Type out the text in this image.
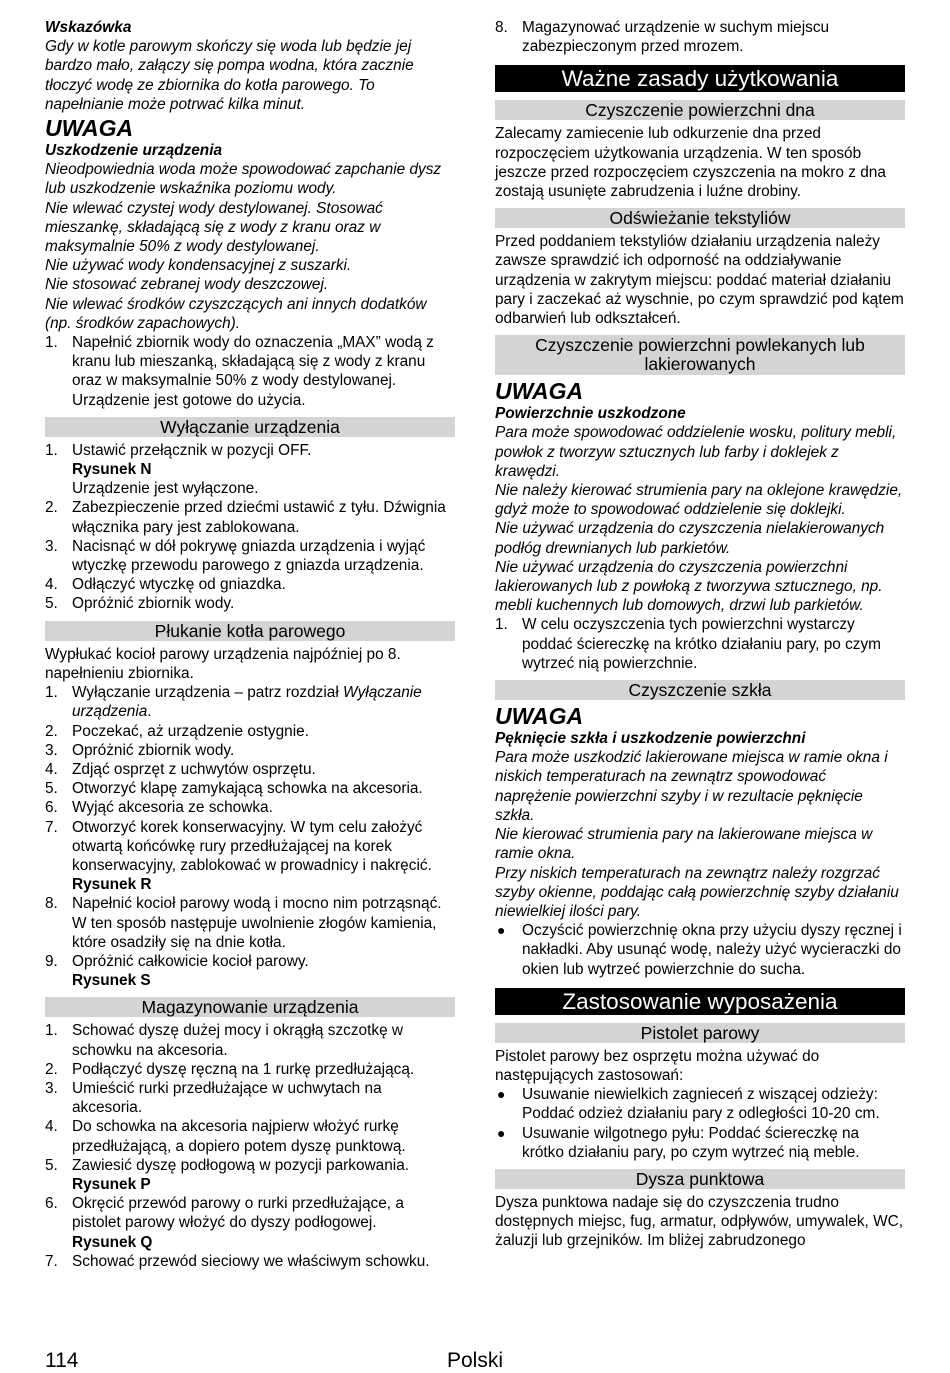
Wskazówka

Gdy w kotle parowym skończy się woda lub będzie jej bardzo mało, załączy się pompa wodna, która zacznie tłoczyć wodę ze zbiornika do kotła parowego. To napełnianie może potrwać kilka minut.

UWAGA

Uszkodzenie urządzenia

Nieodpowiednia woda może spowodować zapchanie dysz lub uszkodzenie wskaźnika poziomu wody.

Nie wlewać czystej wody destylowanej. Stosować mieszankę, składającą się z wody z kranu oraz w maksymalnie 50% z wody destylowanej.

Nie używać wody kondensacyjnej z suszarki.

Nie stosować zebranej wody deszczowej.

Nie wlewać środków czyszczących ani innych dodatków (np. środków zapachowych).

1. Napełnić zbiornik wody do oznaczenia „MAX” wodą z kranu lub mieszanką, składającą się z wody z kranu oraz w maksymalnie 50% z wody destylowanej. Urządzenie jest gotowe do użycia.
Wyłączanie urządzenia
1. Ustawić przełącznik w pozycji OFF.
Rysunek N
Urządzenie jest wyłączone.
2. Zabezpieczenie przed dziećmi ustawić z tyłu. Dźwignia włącznika pary jest zablokowana.
3. Nacisnąć w dół pokrywę gniazda urządzenia i wyjąć wtyczkę przewodu parowego z gniazda urządzenia.
4. Odłączyć wtyczkę od gniazdka.
5. Opróżnić zbiornik wody.
Płukanie kotła parowego

Wypłukać kocioł parowy urządzenia najpóźniej po 8. napełnieniu zbiornika.

1. Wyłączanie urządzenia – patrz rozdział Wyłączanie urządzenia.
2. Poczekać, aż urządzenie ostygnie.
3. Opróżnić zbiornik wody.
4. Zdjąć osprzęt z uchwytów osprzętu.
5. Otworzyć klapę zamykającą schowka na akcesoria.
6. Wyjąć akcesoria ze schowka.
7. Otworzyć korek konserwacyjny. W tym celu założyć otwartą końcówkę rury przedłużającej na korek konserwacyjny, zablokować w prowadnicy i nakręcić.
Rysunek R
8. Napełnić kocioł parowy wodą i mocno nim potrząsnąć. W ten sposób następuje uwolnienie złogów kamienia, które osadziły się na dnie kotła.
9. Opróżnić całkowicie kocioł parowy.
Rysunek S
Magazynowanie urządzenia
1. Schować dyszę dużej mocy i okrągłą szczotkę w schowku na akcesoria.
2. Podłączyć dyszę ręczną na 1 rurkę przedłużającą.
3. Umieścić rurki przedłużające w uchwytach na akcesoria.
4. Do schowka na akcesoria najpierw włożyć rurkę przedłużającą, a dopiero potem dyszę punktową.
5. Zawiesić dyszę podłogową w pozycji parkowania.
Rysunek P
6. Okręcić przewód parowy o rurki przedłużające, a pistolet parowy włożyć do dyszy podłogowej.
Rysunek Q
7. Schować przewód sieciowy we właściwym schowku.
8. Magazynować urządzenie w suchym miejscu zabezpieczonym przed mrozem.
Ważne zasady użytkowania
Czyszczenie powierzchni dna

Zalecamy zamiecenie lub odkurzenie dna przed rozpoczęciem użytkowania urządzenia. W ten sposób jeszcze przed rozpoczęciem czyszczenia na mokro z dna zostają usunięte zabrudzenia i luźne drobiny.

Odświeżanie tekstyliów

Przed poddaniem tekstyliów działaniu urządzenia należy zawsze sprawdzić ich odporność na oddziaływanie urządzenia w zakrytym miejscu: poddać materiał działaniu pary i zaczekać aż wyschnie, po czym sprawdzić pod kątem odbarwień lub odkształceń.

Czyszczenie powierzchni powlekanych lub lakierowanych

UWAGA

Powierzchnie uszkodzone

Para może spowodować oddzielenie wosku, politury mebli, powłok z tworzyw sztucznych lub farby i doklejek z krawędzi.

Nie należy kierować strumienia pary na oklejone krawędzie, gdyż może to spowodować oddzielenie się doklejki.

Nie używać urządzenia do czyszczenia nielakierowanych podłóg drewnianych lub parkietów.

Nie używać urządzenia do czyszczenia powierzchni lakierowanych lub z powłoką z tworzywa sztucznego, np. mebli kuchennych lub domowych, drzwi lub parkietów.

1. W celu oczyszczenia tych powierzchni wystarczy poddać ściereczkę na krótko działaniu pary, po czym wytrzeć nią powierzchnie.
Czyszczenie szkła

UWAGA

Pęknięcie szkła i uszkodzenie powierzchni

Para może uszkodzić lakierowane miejsca w ramie okna i niskich temperaturach na zewnątrz spowodować naprężenie powierzchni szyby i w rezultacie pęknięcie szkła.

Nie kierować strumienia pary na lakierowane miejsca w ramie okna.

Przy niskich temperaturach na zewnątrz należy rozgrzać szyby okienne, poddając całą powierzchnię szyby działaniu niewielkiej ilości pary.

● Oczyścić powierzchnię okna przy użyciu dyszy ręcznej i nakładki. Aby usunąć wodę, należy użyć wycieraczki do okien lub wytrzeć powierzchnie do sucha.
Zastosowanie wyposażenia
Pistolet parowy

Pistolet parowy bez osprzętu można używać do następujących zastosowań:

● Usuwanie niewielkich zagnieceń z wiszącej odzieży: Poddać odzież działaniu pary z odległości 10-20 cm.
● Usuwanie wilgotnego pyłu: Poddać ściereczkę na krótko działaniu pary, po czym wytrzeć nią meble.
Dysza punktowa

Dysza punktowa nadaje się do czyszczenia trudno dostępnych miejsc, fug, armatur, odpływów, umywalek, WC, żaluzji lub grzejników. Im bliżej zabrudzonego

114	Polski
